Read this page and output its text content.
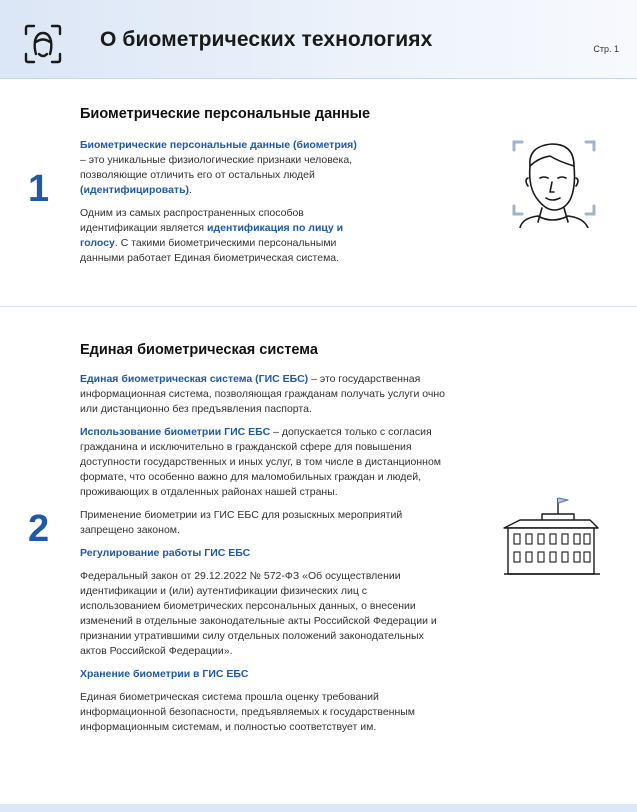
О биометрических технологиях	Стр. 1
1
Биометрические персональные данные

Биометрические персональные данные (биометрия) – это уникальные физиологические признаки человека, позволяющие отличить его от остальных людей (идентифицировать).

Одним из самых распространенных способов идентификации является идентификация по лицу и голосу. С такими биометрическими персональными данными работает Единая биометрическая система.

2
Единая биометрическая система

Единая биометрическая система (ГИС ЕБС) – это государственная информационная система, позволяющая гражданам получать услуги очно или дистанционно без предъявления паспорта.

Использование биометрии ГИС ЕБС – допускается только с согласия гражданина и исключительно в гражданской сфере для повышения доступности государственных и иных услуг, в том числе в дистанционном формате, что особенно важно для маломобильных граждан и людей, проживающих в отдаленных районах нашей страны.

Применение биометрии из ГИС ЕБС для розыскных мероприятий запрещено законом.

Регулирование работы ГИС ЕБС

Федеральный закон от 29.12.2022 № 572-ФЗ «Об осуществлении идентификации и (или) аутентификации физических лиц с использованием биометрических персональных данных, о внесении изменений в отдельные законодательные акты Российской Федерации и признании утратившими силу отдельных положений законодательных актов Российской Федерации».

Хранение биометрии в ГИС ЕБС

Единая биометрическая система прошла оценку требований информационной безопасности, предъявляемых к государственным информационным системам, и полностью соответствует им.
